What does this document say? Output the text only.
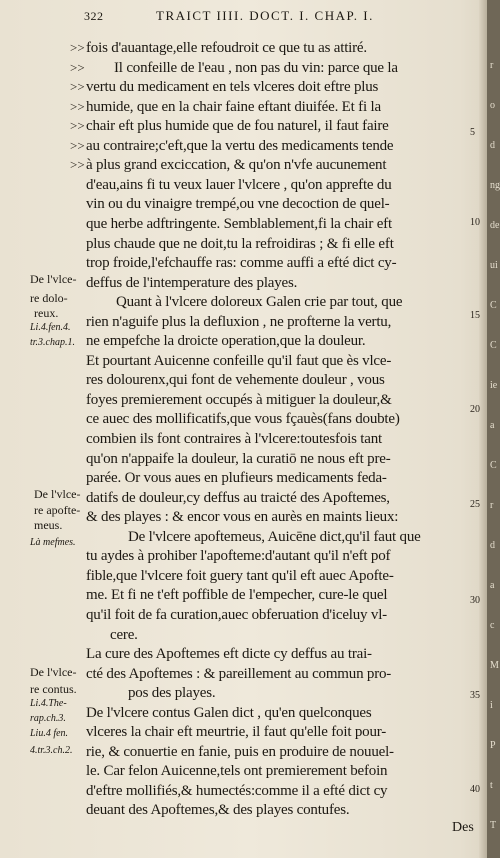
322	TRAICT IIII. DOCT. I. CHAP. I.
>>
>>
>>
>>
>>
>>
>>
fois d'auantage,elle refoudroit ce que tu as attiré.
Il confeille de l'eau , non pas du vin: parce que la
vertu du medicament en tels vlceres doit eftre plus
humide, que en la chair faine eftant diuifée. Et fi la
chair eft plus humide que de fou naturel, il faut faire
au contraire;c'eft,que la vertu des medicaments tende
à plus grand exciccation, & qu'on n'vfe aucunement
d'eau,ains fi tu veux lauer l'vlcere , qu'on apprefte du
vin ou du vinaigre trempé,ou vne decoction de quel-
que herbe adftringente. Semblablement,fi la chair eft
plus chaude que ne doit,tu la refroidiras ; & fi elle eft
trop froide,l'efchauffe ras: comme auffi a efté dict cy-
deffus de l'intemperature des playes.
Quant à l'vlcere doloreux Galen crie par tout, que
rien n'aguife plus la defluxion , ne profterne la vertu,
ne empefche la droicte operation,que la douleur.
Et pourtant Auicenne confeille qu'il faut que ès vlce-
res dolourenx,qui font de vehemente douleur , vous
foyes premierement occupés à mitiguer la douleur,&
ce auec des mollificatifs,que vous fçauès(fans doubte)
combien ils font contraires à l'vlcere:toutesfois tant
qu'on n'appaife la douleur, la curatiō ne nous eft pre-
parée. Or vous aues en plufieurs medicaments feda-
datifs de douleur,cy deffus au traicté des Apoftemes,
& des playes : & encor vous en aurès en maints lieux:
De l'vlcere apoftemeus, Auicēne dict,qu'il faut que
tu aydes à prohiber l'apofteme:d'autant qu'il n'eft pof
fible,que l'vlcere foit guery tant qu'il eft auec Apofte-
me. Et fi ne t'eft poffible de l'empecher, cure-le quel
qu'il foit de fa curation,auec obferuation d'iceluy vl-
cere.
La cure des Apoftemes eft dicte cy deffus au trai-
cté des Apoftemes : & pareillement au commun pro-
pos des playes.
De l'vlcere contus Galen dict , qu'en quelconques
vlceres la chair eft meurtrie, il faut qu'elle foit pour-
rie, & conuertie en fanie, puis en produire de nouuel-
le. Car felon Auicenne,tels ont premierement befoin
d'eftre mollifiés,& humectés:comme il a efté dict cy
deuant des Apoftemes,& des playes contufes.
5
10
15
20
25
30
35
40
De l'vlce-
re dolo-
reux.
Li.4.fen.4.
tr.3.chap.1.
De l'vlce-
re apofte-
meus.
Là mefmes.
De l'vlce-
re contus.
Li.4.The-
rap.ch.3.
Liu.4 fen.
4.tr.3.ch.2.
r
o
d
ng
de
ui
C
C
ie
a
C
r
d
a
c
M
i
P
t
T
Des
